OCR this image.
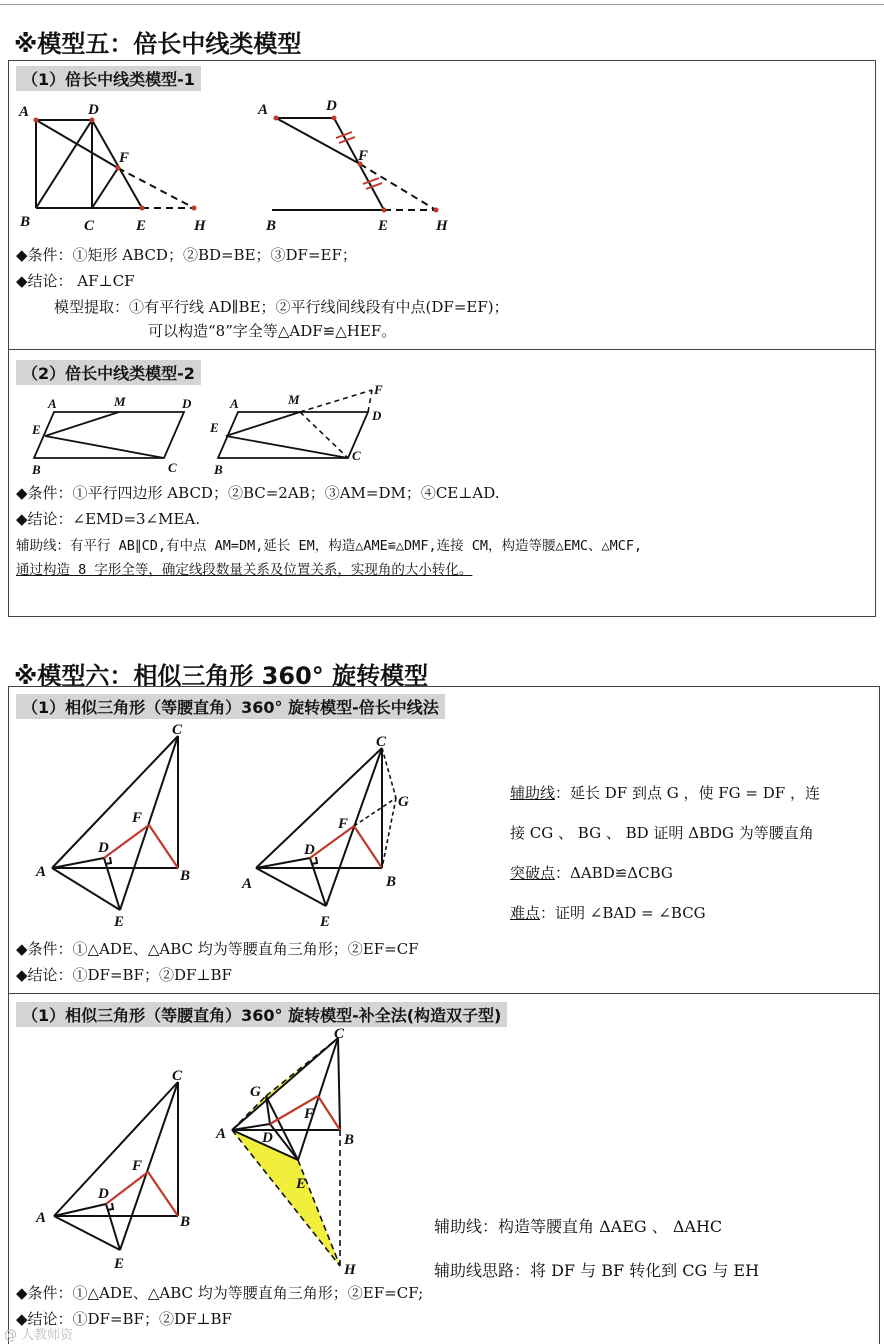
※模型五：倍长中线类模型
（1）倍长中线类模型-1
A	D
F
B	C	E	H
A	D
F
B	E	H
◆条件：①矩形 ABCD；②BD=BE；③DF=EF；
◆结论： AF⊥CF
模型提取：①有平行线 AD∥BE；②平行线间线段有中点(DF=EF)；
可以构造“8”字全等△ADF≌△HEF。
（2）倍长中线类模型-2
A	M	D
E
B	C
A	M
F
D
E
B
C
◆条件：①平行四边形 ABCD；②BC=2AB；③AM=DM；④CE⊥AD.
◆结论：∠EMD=3∠MEA.
辅助线：有平行 AB∥CD,有中点 AM=DM,延长 EM，构造△AME≌△DMF,连接 CM，构造等腰△EMC、△MCF,
通过构造 8 字形全等，确定线段数量关系及位置关系，实现角的大小转化。
※模型六：相似三角形 360° 旋转模型
（1）相似三角形（等腰直角）360° 旋转模型-倍长中线法
C
F
D
A	B
E
C
G
F
D
A	B
E
辅助线：延长 DF 到点 G ，使 FG = DF ，连
接 CG 、 BG 、 BD 证明 ΔBDG 为等腰直角
突破点：ΔABD≌ΔCBG
难点：证明 ∠BAD = ∠BCG
◆条件：①△ADE、△ABC 均为等腰直角三角形；②EF=CF
◆结论：①DF=BF；②DF⊥BF
（1）相似三角形（等腰直角）360° 旋转模型-补全法(构造双子型)
C
F
D
A	B
E
C
G
F
D
A	B
E
H
辅助线：构造等腰直角 ΔAEG 、 ΔAHC
辅助线思路：将 DF 与 BF 转化到 CG 与 EH
◆条件：①△ADE、△ABC 均为等腰直角三角形；②EF=CF;
◆结论：①DF=BF；②DF⊥BF
@ 人教师资
